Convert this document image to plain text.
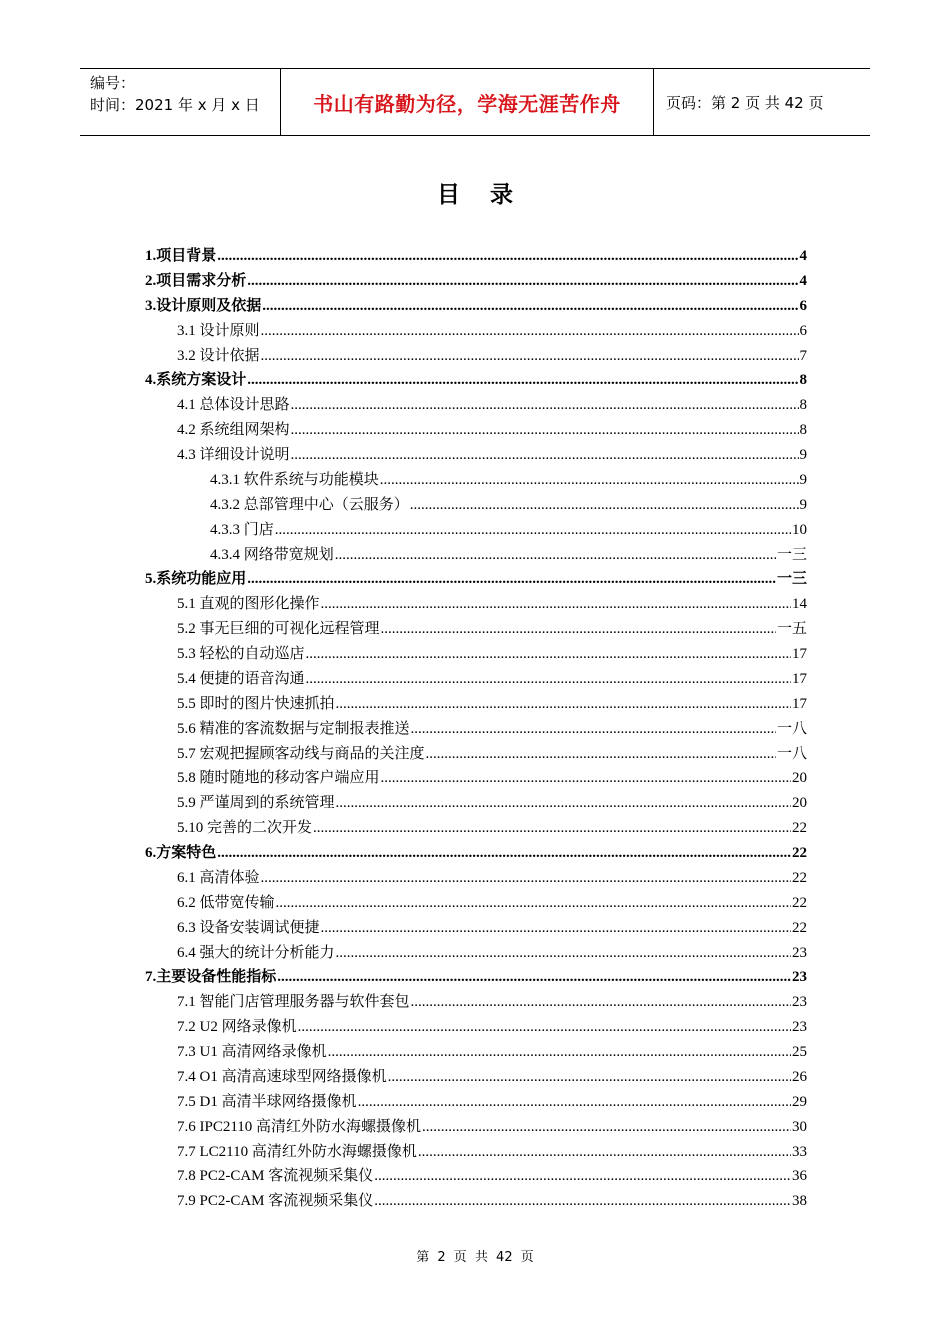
编号：
时间：2021 年 x 月 x 日	书山有路勤为径，学海无涯苦作舟	页码：第 2 页 共 42 页
目录
1.项目背景 .....	4
2.项目需求分析 .....	4
3.设计原则及依据 .....	6
3.1 设计原则 .....	6
3.2 设计依据 .....	7
4.系统方案设计 .....	8
4.1 总体设计思路 .....	8
4.2 系统组网架构 .....	8
4.3 详细设计说明 .....	9
4.3.1 软件系统与功能模块 .....	9
4.3.2 总部管理中心（云服务） .....	9
4.3.3 门店 .....	10
4.3.4 网络带宽规划 .....	一三
5.系统功能应用 .....	一三
5.1 直观的图形化操作 .....	14
5.2 事无巨细的可视化远程管理 .....	一五
5.3 轻松的自动巡店 .....	17
5.4 便捷的语音沟通 .....	17
5.5 即时的图片快速抓拍 .....	17
5.6 精准的客流数据与定制报表推送 .....	一八
5.7 宏观把握顾客动线与商品的关注度 .....	一八
5.8 随时随地的移动客户端应用 .....	20
5.9 严谨周到的系统管理 .....	20
5.10 完善的二次开发 .....	22
6.方案特色 .....	22
6.1 高清体验 .....	22
6.2 低带宽传输 .....	22
6.3 设备安装调试便捷 .....	22
6.4 强大的统计分析能力 .....	23
7.主要设备性能指标 .....	23
7.1 智能门店管理服务器与软件套包 .....	23
7.2 U2 网络录像机 .....	23
7.3 U1 高清网络录像机 .....	25
7.4 O1 高清高速球型网络摄像机 .....	26
7.5 D1 高清半球网络摄像机 .....	29
7.6 IPC2110 高清红外防水海螺摄像机 .....	30
7.7 LC2110 高清红外防水海螺摄像机 .....	33
7.8 PC2-CAM 客流视频采集仪 .....	36
7.9 PC2-CAM 客流视频采集仪 .....	38
第 2 页 共 42 页
